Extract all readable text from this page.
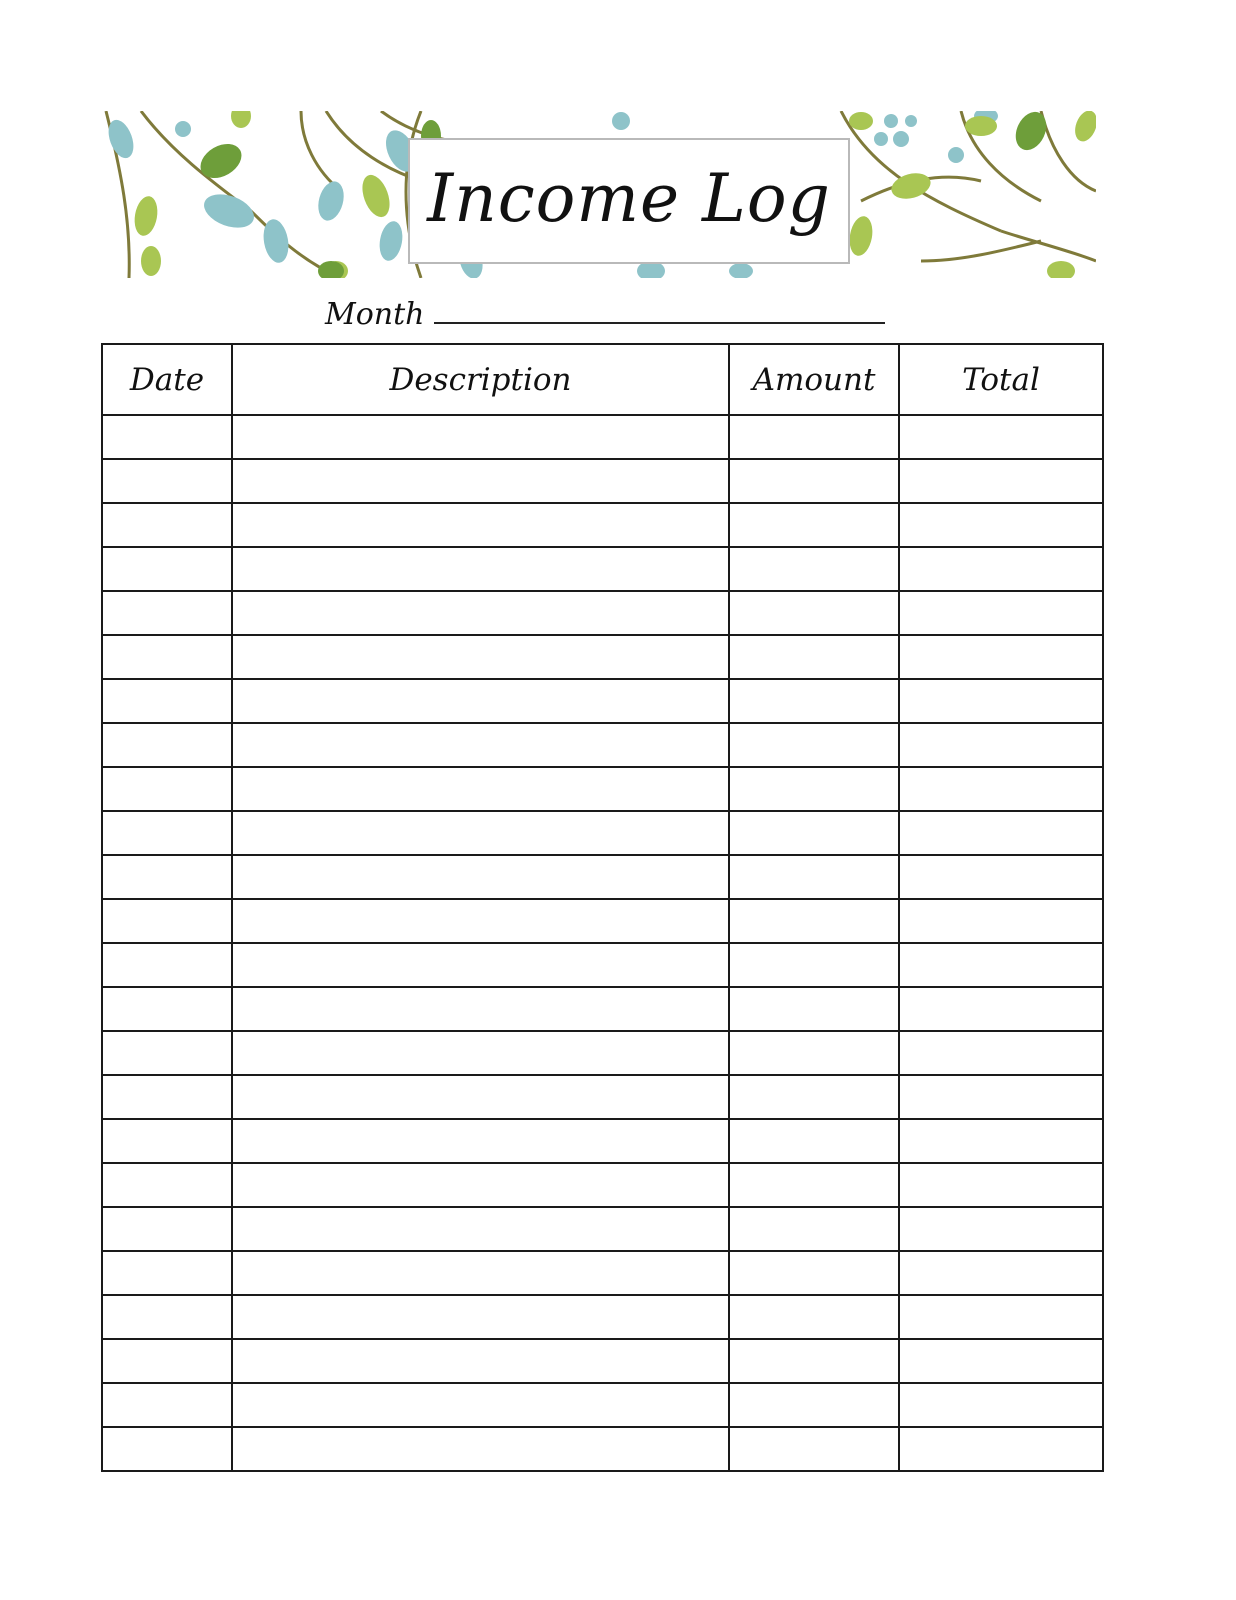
Income Log
Month
Date	Description	Amount	Total
